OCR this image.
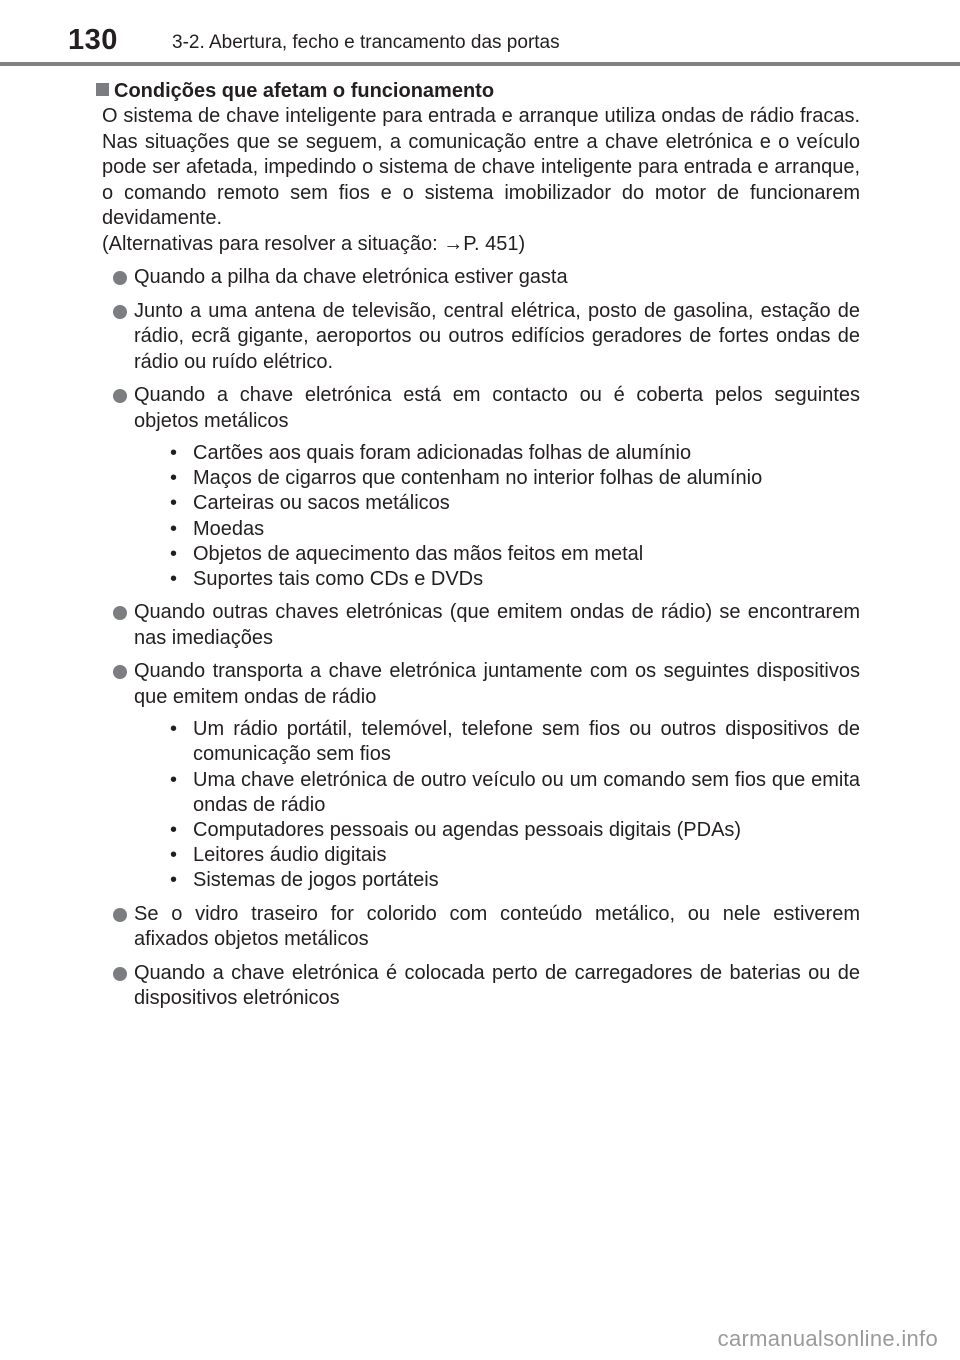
130	3-2. Abertura, fecho e trancamento das portas
Condições que afetam o funcionamento

O sistema de chave inteligente para entrada e arranque utiliza ondas de rádio fracas. Nas situações que se seguem, a comunicação entre a chave eletrónica e o veículo pode ser afetada, impedindo o sistema de chave inteligente para entrada e arranque, o comando remoto sem fios e o sistema imobilizador do motor de funcionarem devidamente.

(Alternativas para resolver a situação: →P. 451)

Quando a pilha da chave eletrónica estiver gasta
Junto a uma antena de televisão, central elétrica, posto de gasolina, estação de rádio, ecrã gigante, aeroportos ou outros edifícios geradores de fortes ondas de rádio ou ruído elétrico.
Quando a chave eletrónica está em contacto ou é coberta pelos seguintes objetos metálicos
• Cartões aos quais foram adicionadas folhas de alumínio
• Maços de cigarros que contenham no interior folhas de alumínio
• Carteiras ou sacos metálicos
• Moedas
• Objetos de aquecimento das mãos feitos em metal
• Suportes tais como CDs e DVDs
Quando outras chaves eletrónicas (que emitem ondas de rádio) se encontrarem nas imediações
Quando transporta a chave eletrónica juntamente com os seguintes dispositivos que emitem ondas de rádio
• Um rádio portátil, telemóvel, telefone sem fios ou outros dispositivos de comunicação sem fios
• Uma chave eletrónica de outro veículo ou um comando sem fios que emita ondas de rádio
• Computadores pessoais ou agendas pessoais digitais (PDAs)
• Leitores áudio digitais
• Sistemas de jogos portáteis
Se o vidro traseiro for colorido com conteúdo metálico, ou nele estiverem afixados objetos metálicos
Quando a chave eletrónica é colocada perto de carregadores de baterias ou de dispositivos eletrónicos
carmanualsonline.info
